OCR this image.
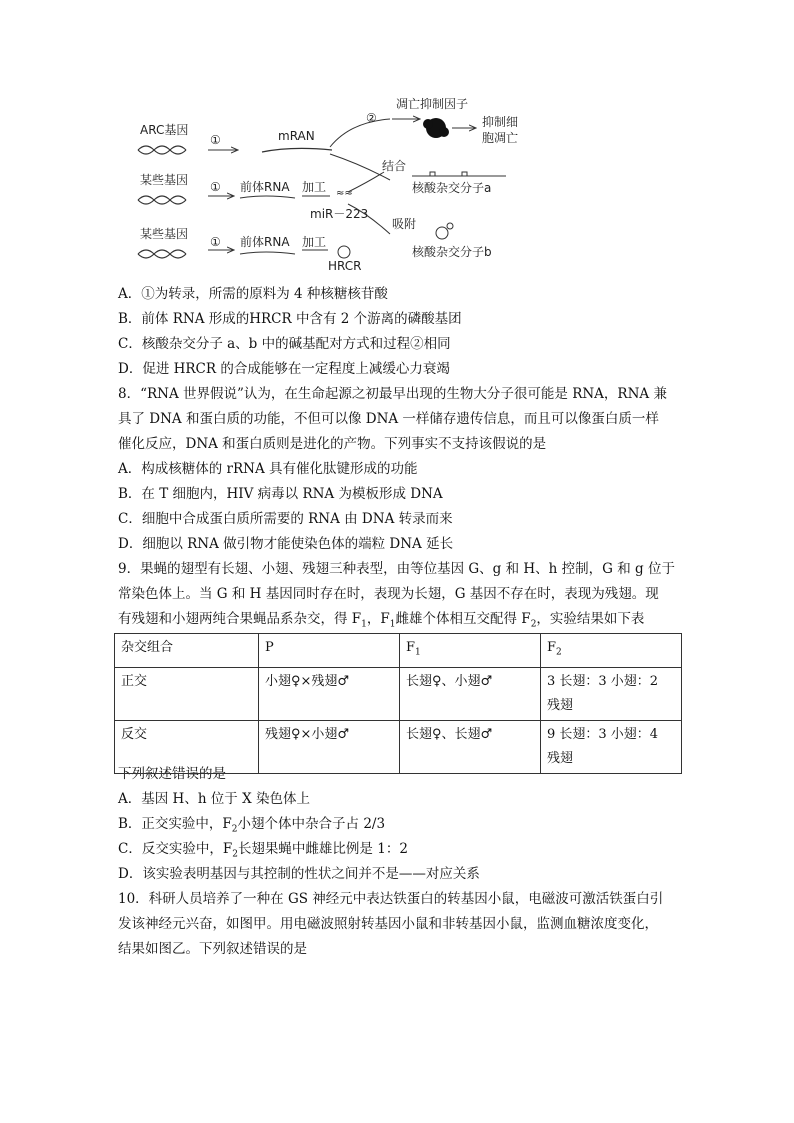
ARC基因
①	mRAN
②
凋亡抑制因子
抑制细
胞凋亡
结合
核酸杂交分子a
某些基因 ① 前体RNA 加工 ≈≈
miR－223
吸附
核酸杂交分子b
某些基因
① 前体RNA 加工
HRCR
A．①为转录，所需的原料为 4 种核糖核苷酸
B．前体 RNA 形成的HRCR 中含有 2 个游离的磷酸基团
C．核酸杂交分子 a、b 中的碱基配对方式和过程②相同
D．促进 HRCR 的合成能够在一定程度上减缓心力衰竭
8．“RNA 世界假说”认为，在生命起源之初最早出现的生物大分子很可能是 RNA，RNA 兼
具了 DNA 和蛋白质的功能，不但可以像 DNA 一样储存遗传信息，而且可以像蛋白质一样
催化反应，DNA 和蛋白质则是进化的产物。下列事实不支持该假说的是
A．构成核糖体的 rRNA 具有催化肽键形成的功能
B．在 T 细胞内，HIV 病毒以 RNA 为模板形成 DNA
C．细胞中合成蛋白质所需要的 RNA 由 DNA 转录而来
D．细胞以 RNA 做引物才能使染色体的端粒 DNA 延长
9．果蝇的翅型有长翅、小翅、残翅三种表型，由等位基因 G、g 和 H、h 控制，G 和 g 位于
常染色体上。当 G 和 H 基因同时存在时，表现为长翅，G 基因不存在时，表现为残翅。现
有残翅和小翅两纯合果蝇品系杂交，得 $F_1$，$F_1$雌雄个体相互交配得 $F_2$，实验结果如下表
下列叙述错误的是
A．基因 H、h 位于 X 染色体上
B．正交实验中，$F_2$小翅个体中杂合子占 2/3
C．反交实验中，$F_2$长翅果蝇中雌雄比例是 1：2
D．该实验表明基因与其控制的性状之间并不是——对应关系
10．科研人员培养了一种在 GS 神经元中表达铁蛋白的转基因小鼠，电磁波可激活铁蛋白引
发该神经元兴奋，如图甲。用电磁波照射转基因小鼠和非转基因小鼠，监测血糖浓度变化，
结果如图乙。下列叙述错误的是
杂交组合	P	$F_1$	$F_2$
正交	小翅♀×残翅♂	长翅♀、小翅♂	3 长翅：3 小翅：2 残翅
反交	残翅♀×小翅♂	长翅♀、长翅♂	9 长翅：3 小翅：4 残翅
